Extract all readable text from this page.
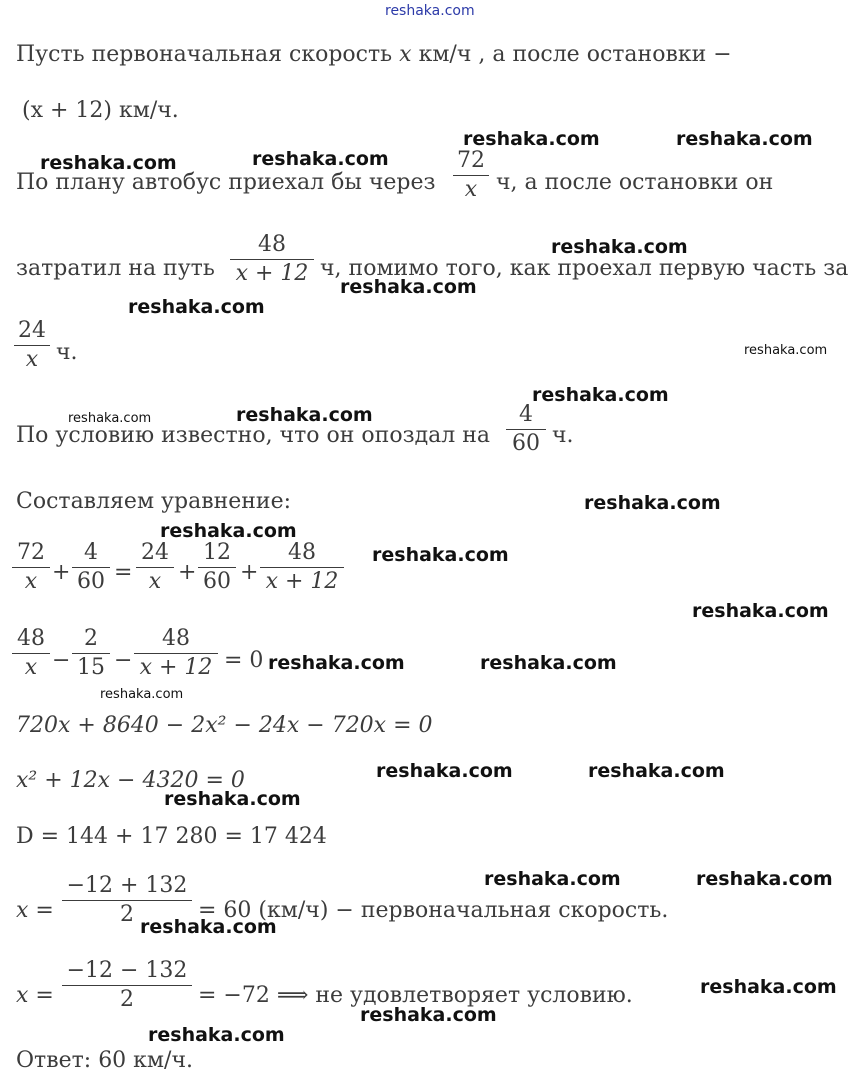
reshaka.com
Пусть первоначальная скорость x км/ч , а после остановки −
(x + 12) км/ч.
По плану автобус приехал бы через
72
x ч, а после остановки он
затратил на путь
48
x + 12 ч, помимо того, как проехал первую часть за
24
x ч.
По условию известно, что он опоздал на
4
60 ч.
Составляем уравнение:
72
x +
4
60 =
24
x +
12
60 +
48
x + 12
48
x −
2
15 −
48
x + 12 = 0
720x + 8640 − 2x² − 24x − 720x = 0
x² + 12x − 4320 = 0
D = 144 + 17 280 = 17 424
x =
−12 + 132
2	= 60 (км/ч) − первоначальная скорость.
x =
−12 − 132
2	= −72 ⟹ не удовлетворяет условию.
Ответ: 60 км/ч.
reshaka.com	reshaka.com
reshaka.com	reshaka.com
reshaka.com
reshaka.com
reshaka.com
reshaka.com
reshaka.com
reshaka.com	reshaka.com
reshaka.com
reshaka.com
reshaka.com
reshaka.com
reshaka.com	reshaka.com
reshaka.com
reshaka.com	reshaka.com
reshaka.com
reshaka.com	reshaka.com
reshaka.com
reshaka.com
reshaka.com
reshaka.com
